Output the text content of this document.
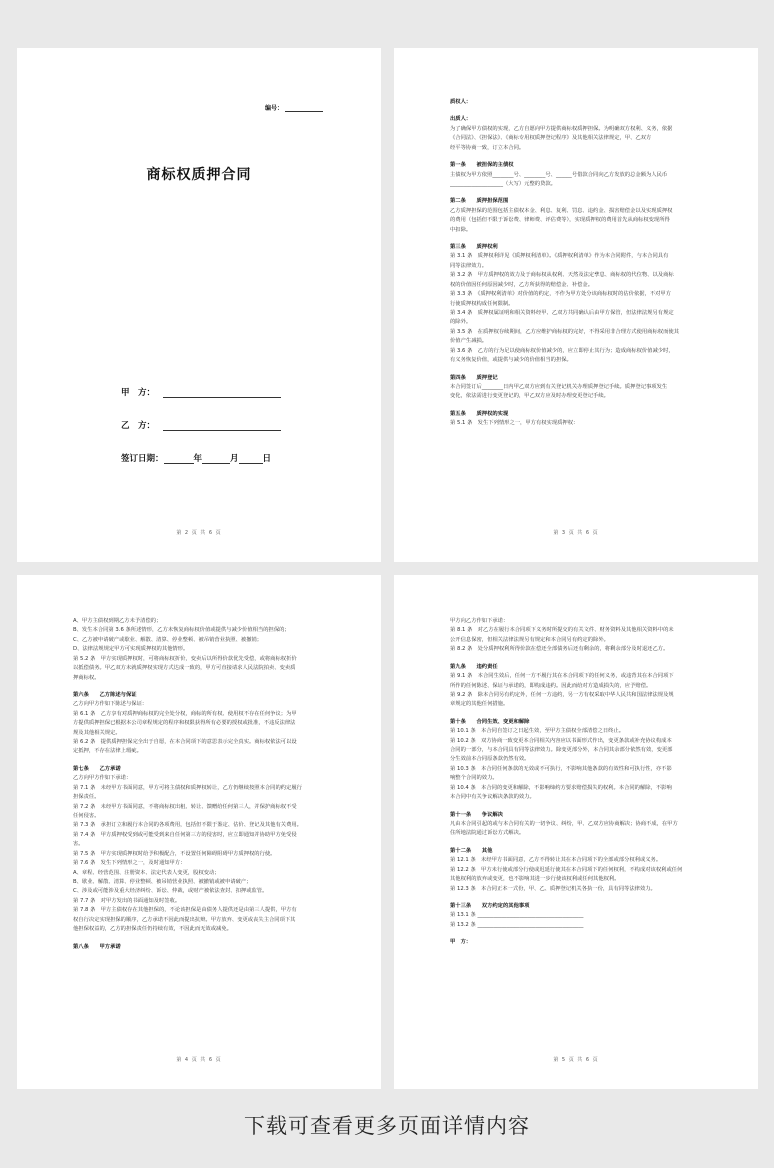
编号：
商标权质押合同
甲　方：
乙　方：
签订日期：	年	月	日
第 2 页 共 6 页

质权人：

出质人：

为了确保甲方债权的实现，乙方自愿向甲方提供商标权质押担保。为明确双方权利、义务，依据

《合同法》、《担保法》、《商标专用权质押登记程序》及其他相关法律规定，甲、乙双方

经平等协商一致，订立本合同。

第一条　　被担保的主债权

主债权为甲方依照________号、________号、______号借款合同向乙方发放的总金额为人民币

____________________（大写）元整的贷款。

第二条　　质押担保范围

乙方质押担保的范围包括主债权本金、利息、复利、罚息、违约金、损害赔偿金以及实现质押权

的费用（包括但不限于诉讼费、律师费、评估费等），实现质押权的费用首先从商标权变现所得

中扣除。

第三条　　质押权利

第 3.1 条　质押权利详见《质押权利清单》。《质押权利清单》作为本合同附件，与本合同具有

同等法律效力。

第 3.2 条　甲方质押权的效力及于商标权从权利、天然及法定孳息、商标权的代位物、以及商标

权的价值因任何原因减少时，乙方所获得的赔偿金、补偿金。

第 3.3 条　《质押权利清单》对价值的约定，不作为甲方处分该商标权时的估价依据，不对甲方

行使质押权构成任何限制。

第 3.4 条　质押权属证明和相关资料经甲、乙双方共同确认后由甲方保管，但法律法规另有规定

的除外。

第 3.5 条　在质押权存续期间，乙方应维护商标权的完好，不得采用非合理方式使用商标权而使其

价值产生减损。

第 3.6 条　乙方的行为足以使商标权价值减少的，应立即停止其行为；造成商标权价值减少时，

有义务恢复价值，或提供与减少的价值相当的担保。

第四条　　质押登记

本合同签订后________日内甲乙双方应到有关登记机关办理质押登记手续。质押登记事项发生

变化，依法需进行变更登记的，甲乙双方应及时办理变更登记手续。

第五条　　质押权的实现

第 5.1 条　发生下列情形之一，甲方有权实现质押权：

第 3 页 共 6 页

A、甲方主债权到期乙方未予清偿的；

B、发生本合同第 3.6 条所述情形，乙方未恢复商标权价值或提供与减少价值相当的担保的；

C、乙方被申请破产或歇业、解散、清算、停业整顿、被吊销营业执照、被撤销；

D、法律法规规定甲方可实现质押权的其他情形。

第 5.2 条　甲方实现质押权时，可将商标权折价，变卖后以所得价款优先受偿，或将商标权折价

以抵偿债务。甲乙双方未就质押权实现方式达成一致的，甲方可直接请求人民法院拍卖、变卖质

押商标权。

第六条　　乙方陈述与保证

乙方向甲方作如下陈述与保证：

第 6.1 条　乙方享有对质押商标权的完全处分权，商标的所有权、使用权不存在任何争议；为甲

方提供质押担保已根据本公司章程规定的程序和权限获得所有必要的授权或批准，不违反法律法

规及其他相关规定。

第 6.2 条　提供质押担保完全出于自愿，在本合同项下的意思表示完全真实。商标权依法可以设

定抵押，不存在法律上瑕疵。

第七条　　乙方承诺

乙方向甲方作如下承诺：

第 7.1 条　未经甲方书面同意，甲方可将主债权和质押权转让，乙方仍继续按照本合同的约定履行

担保责任。

第 7.2 条　未经甲方书面同意，不将商标权出租、转让、馈赠给任何第三人，并保护商标权不受

任何侵害。

第 7.3 条　承担订立和履行本合同的各项费用，包括但不限于鉴定、估价、登记及其他有关费用。

第 7.4 条　甲方质押权受到或可能受到来自任何第三方的侵害时，应立即通知并协助甲方免受侵

害。

第 7.5 条　甲方实现质押权时给予积极配合，不设置任何障碍阻碍甲方质押权的行使。

第 7.6 条　发生下列情形之一，及时通知甲方：

A、章程、经营范围、注册资本、法定代表人变更，股权变动；

B、歇业、解散、清算、停业整顿、被吊销营业执照、被撤销或被申请破产；

C、涉及或可能涉及重大经济纠纷、诉讼、仲裁，或财产被依法查封、扣押或监管。

第 7.7 条　对甲方发出的书面通知及时签收。

第 7.8 条　甲方主债权存在其他担保的，不论该担保是由债务人提供还是由第三人提供，甲方有

权自行决定实现担保的顺序，乙方承诺不因此而提出抗辩。甲方放弃、变更或丧失主合同项下其

他担保权益的，乙方的担保责任仍持续有效，不因此而无效或减免。

第八条　　甲方承诺

第 4 页 共 6 页

甲方向乙方作如下承诺：

第 8.1 条　对乙方在履行本合同项下义务时所提交的有关文件、财务资料及其他相关资料中的未

公开信息保密，但相关法律法规另有规定和本合同另有约定的除外。

第 8.2 条　处分质押权利所得价款在偿还全部债务后还有剩余的，将剩余部分及时退还乙方。

第九条　　违约责任

第 9.1 条　本合同生效后，任何一方不履行其在本合同项下的任何义务，或违背其在本合同项下

所作的任何陈述、保证与承诺的，即构成违约。因此而给对方造成损失的，应予赔偿。

第 9.2 条　除本合同另有约定外，任何一方违约，另一方有权采取中华人民共和国法律法规及规

章规定的其他任何措施。

第十条　　合同生效、变更和解除

第 10.1 条　本合同自签订之日起生效，至甲方主债权全部清偿之日终止。

第 10.2 条　双方协商一致变更本合同相关内容应以书面形式作出，变更条款或补充协议构成本

合同的一部分，与本合同具有同等法律效力。除变更部分外，本合同其余部分依然有效，变更部

分生效前本合同原条款仍然有效。

第 10.3 条　本合同任何条款的无效或不可执行，不影响其他条款的有效性和可执行性，亦不影

响整个合同的效力。

第 10.4 条　本合同的变更和解除，不影响缔约方要求赔偿损失的权利。本合同的解除，不影响

本合同中有关争议解决条款的效力。

第十一条　　争议解决

凡由本合同引起的或与本合同有关的一切争议、纠纷，甲、乙双方应协商解决；协商不成，在甲方

住所地法院通过诉讼方式解决。

第十二条　　其他

第 12.1 条　未经甲方书面同意，乙方不得转让其在本合同项下的全部或部分权利或义务。

第 12.2 条　甲方未行使或部分行使或迟延行使其在本合同项下的任何权利，不构成对该权利或任何

其他权利的放弃或变更，也不影响其进一步行使该权利或任何其他权利。

第 12.3 条　本合同正本一式份，甲、乙、质押登记机关各执一份，具有同等法律效力。

第十三条　　双方约定的其他事项

第 13.1 条 ________________________________________

第 13.2 条 ________________________________________

甲　方：

第 5 页 共 6 页
下载可查看更多页面详情内容
